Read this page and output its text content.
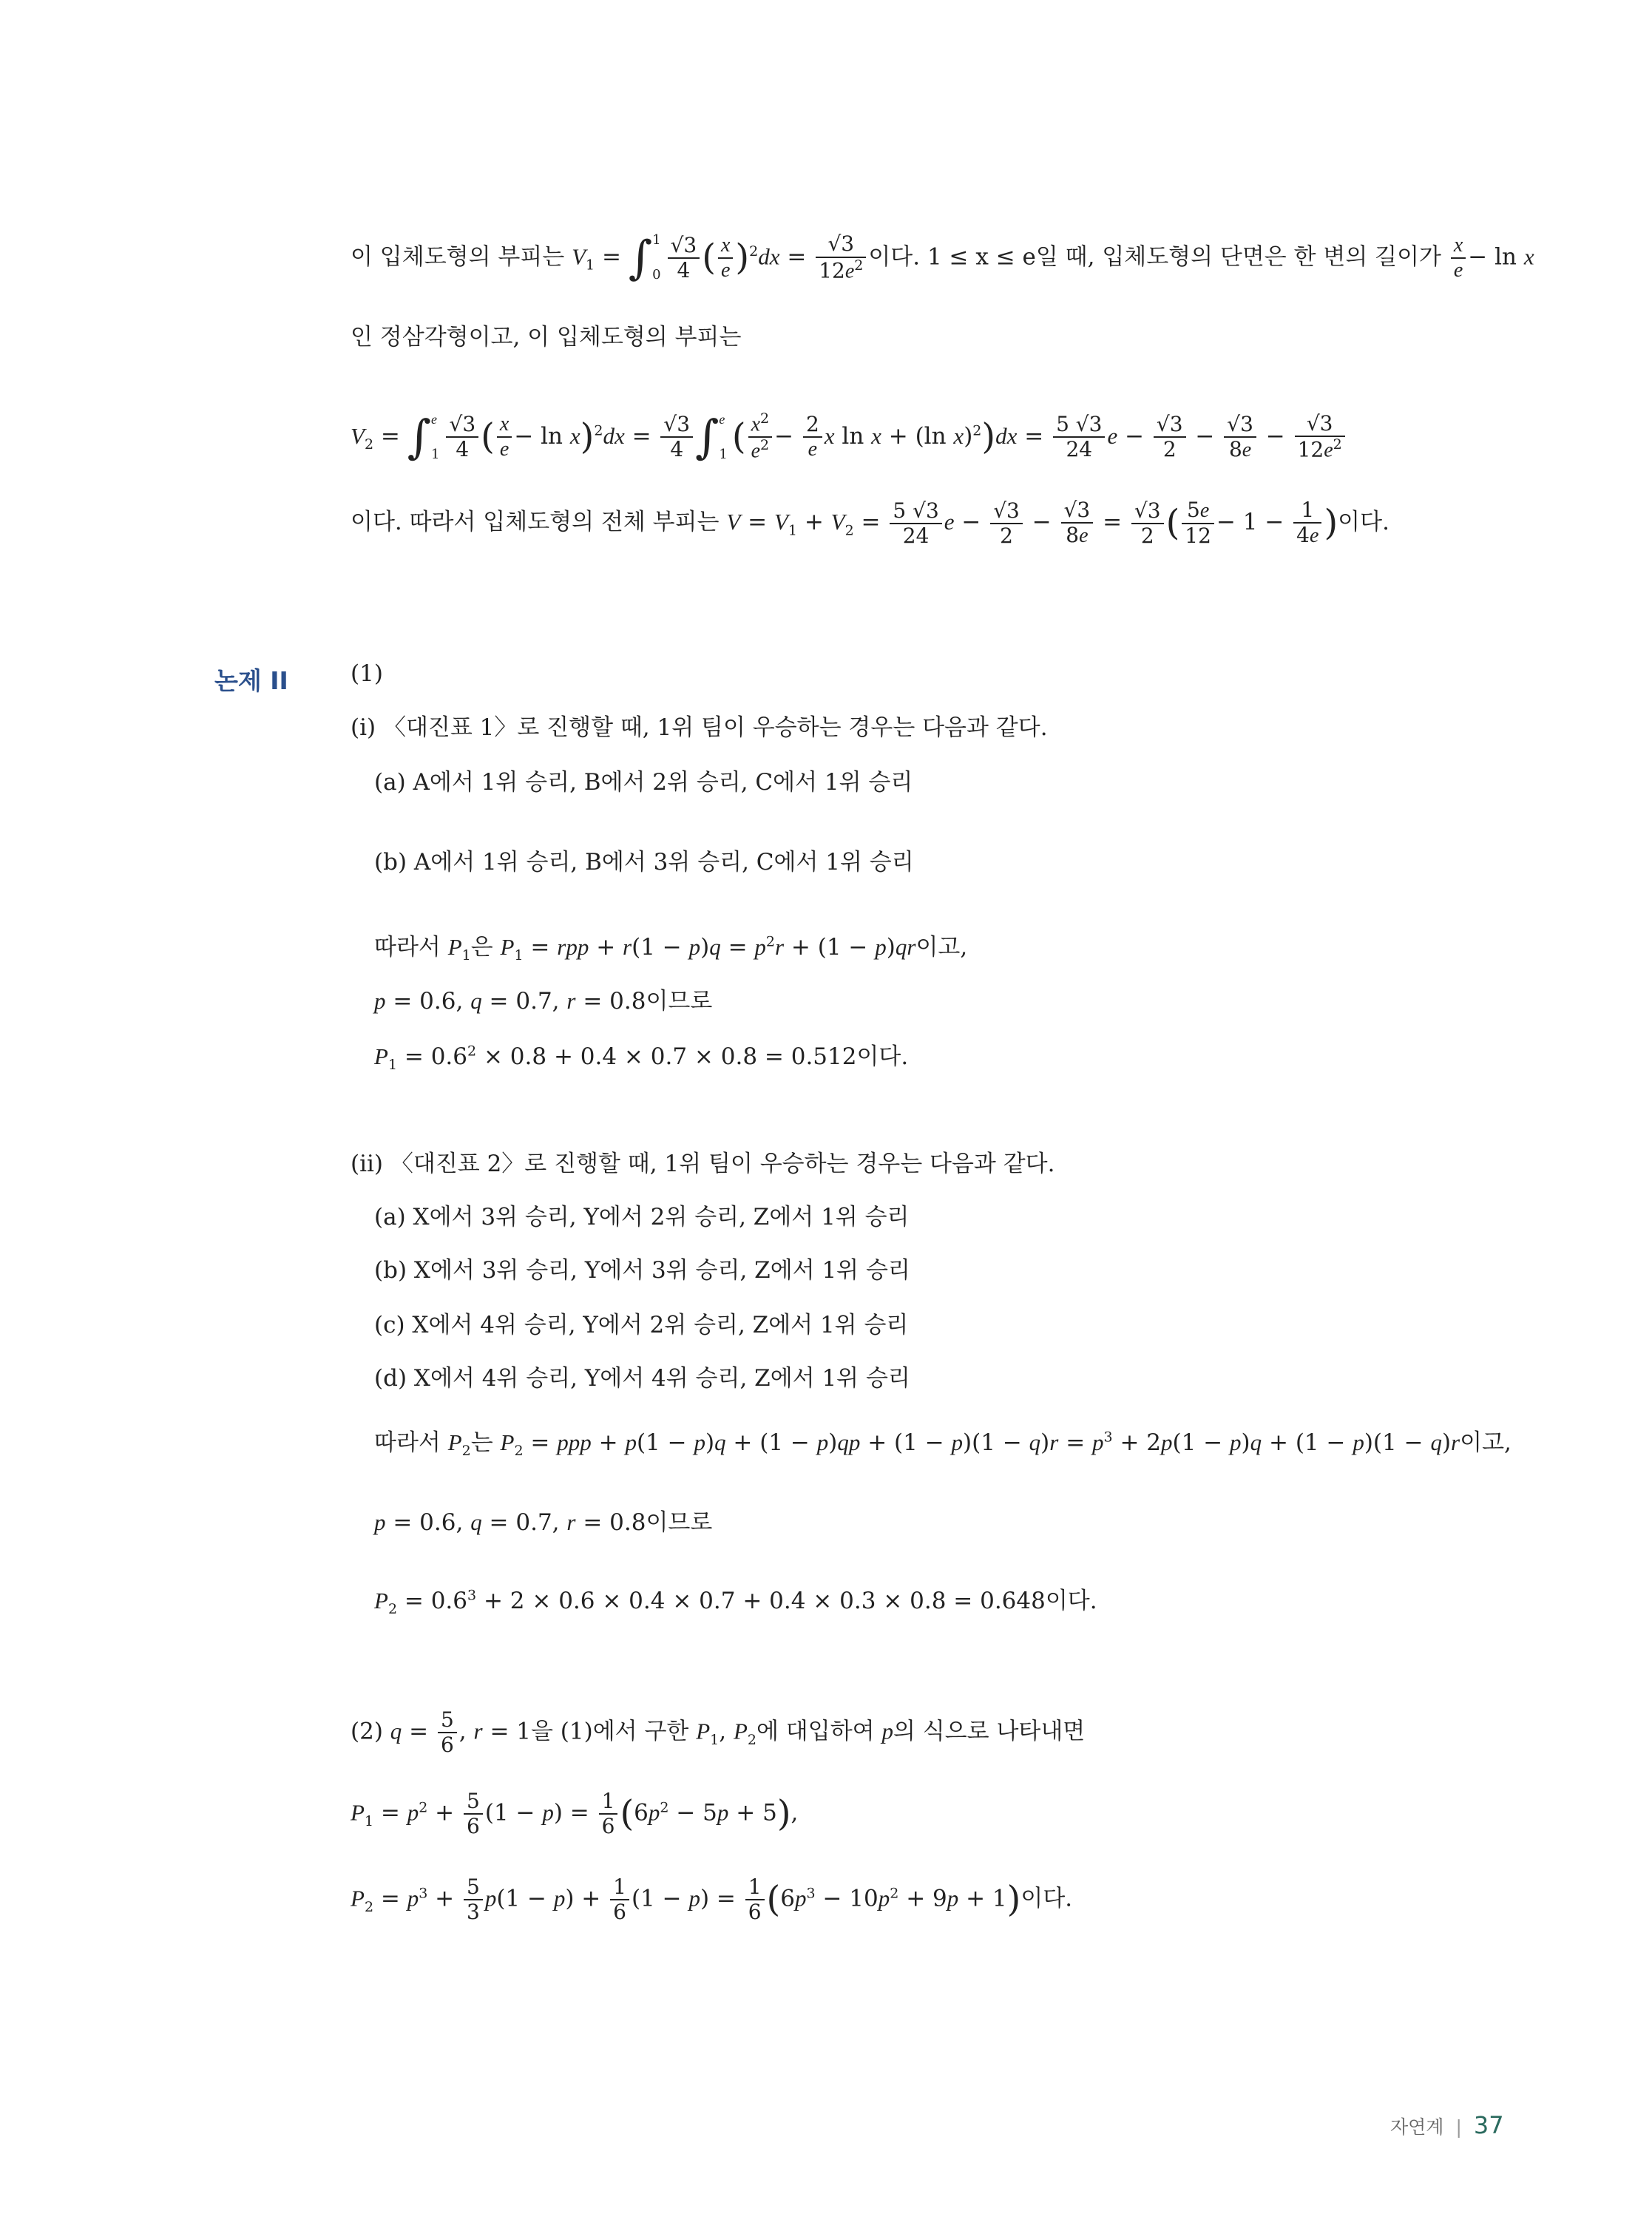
이 입체도형의 부피는 $V_1 = \int 1$
$0 \frac{√3}{4}$ ( $\frac{x}{e} )^2dx = \frac{√3}{12e^2}$ 이다. 1 ≤ x ≤ e일 때, 입체도형의 단면은 한 변의 길이가 $\frac{x}{e} - \ln x$
인 정삼각형이고, 이 입체도형의 부피는
$V_2 = \int e$
$1 \frac{√3}{4}$ ( $\frac{x}{e} - \ln x)^2dx = \frac{√3}{4} \int e$
1 ( $\frac{x^2}{e^2} - \frac{2}{e}$ x ln x + (ln $x)^2)dx = \frac{5 √3}{24}$ $e - \frac{√3}{2} - \frac{√3}{8e} - \frac{√3}{12e^2}$
이다. 따라서 입체도형의 전체 부피는 $V = V_1 + V_2 = \frac{5 √3}{24}$ $e - \frac{√3}{2} - \frac{√3}{8e} = \frac{√3}{2}$ ( $\frac{5e}{12} - 1 - \frac{1}{4e}$ )이다.
논제 II	(1)
(i) 〈대진표 1〉로 진행할 때, 1위 팀이 우승하는 경우는 다음과 같다.
(a) A에서 1위 승리, B에서 2위 승리, C에서 1위 승리
(b) A에서 1위 승리, B에서 3위 승리, C에서 1위 승리
따라서 $P_1$은 $P_1$ = rpp + $r(1 - p)q = p^2r + (1 - p)qr$이고,
p = 0.6, q = 0.7, r = 0.8이므로
$P_1 = 0.6^2 \times 0.8 + 0.4 \times 0.7 \times 0.8 = 0.512$이다.
(ii) 〈대진표 2〉로 진행할 때, 1위 팀이 우승하는 경우는 다음과 같다.
(a) X에서 3위 승리, Y에서 2위 승리, Z에서 1위 승리
(b) X에서 3위 승리, Y에서 3위 승리, Z에서 1위 승리
(c) X에서 4위 승리, Y에서 2위 승리, Z에서 1위 승리
(d) X에서 4위 승리, Y에서 4위 승리, Z에서 1위 승리
따라서 $P_2$는 $P_2$ = ppp + $p(1 - p)q + (1 - p)qp + (1 - p)(1 - q)r = p^3 + 2p(1 - p)q + (1 - p)(1 - q)r$이고,
p = 0.6, q = 0.7, r = 0.8이므로
$P_2 = 0.6^3 + 2 \times 0.6 \times 0.4 \times 0.7 + 0.4 \times 0.3 \times 0.8 = 0.648$이다.
(2) $q = \frac{5}{6}$ , r = 1을 (1)에서 구한 $P_1$, $P_2$에 대입하여 p의 식으로 나타내면
$P_1 = p^2 + \frac{5}{6} (1 - p) = \frac{1}{6} (6p^2 - 5p + 5)$,
$P_2 = p^3 + \frac{5}{3} p(1 - p) + \frac{1}{6} (1 - p) = \frac{1}{6} (6p^3 - 10p^2 + 9p + 1)$이다.
자연계 | 37
